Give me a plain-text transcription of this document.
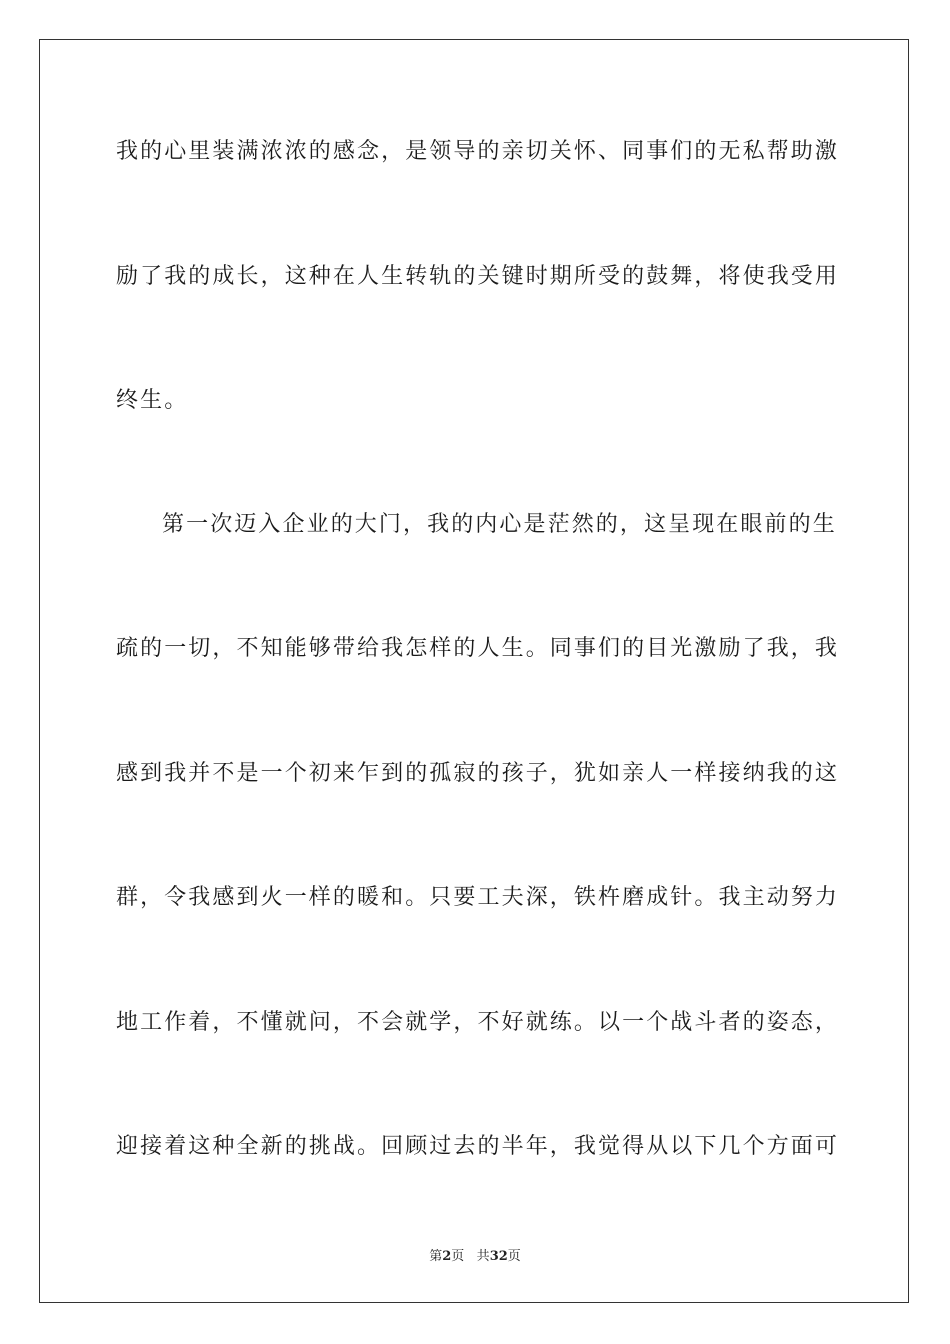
我的心里装满浓浓的感念，是领导的亲切关怀、同事们的无私帮助激

励了我的成长，这种在人生转轨的关键时期所受的鼓舞，将使我受用

终生。

第一次迈入企业的大门，我的内心是茫然的，这呈现在眼前的生

疏的一切，不知能够带给我怎样的人生。同事们的目光激励了我，我

感到我并不是一个初来乍到的孤寂的孩子，犹如亲人一样接纳我的这

群，令我感到火一样的暖和。只要工夫深，铁杵磨成针。我主动努力

地工作着，不懂就问，不会就学，不好就练。以一个战斗者的姿态，

迎接着这种全新的挑战。回顾过去的半年，我觉得从以下几个方面可

第2页 共32页
